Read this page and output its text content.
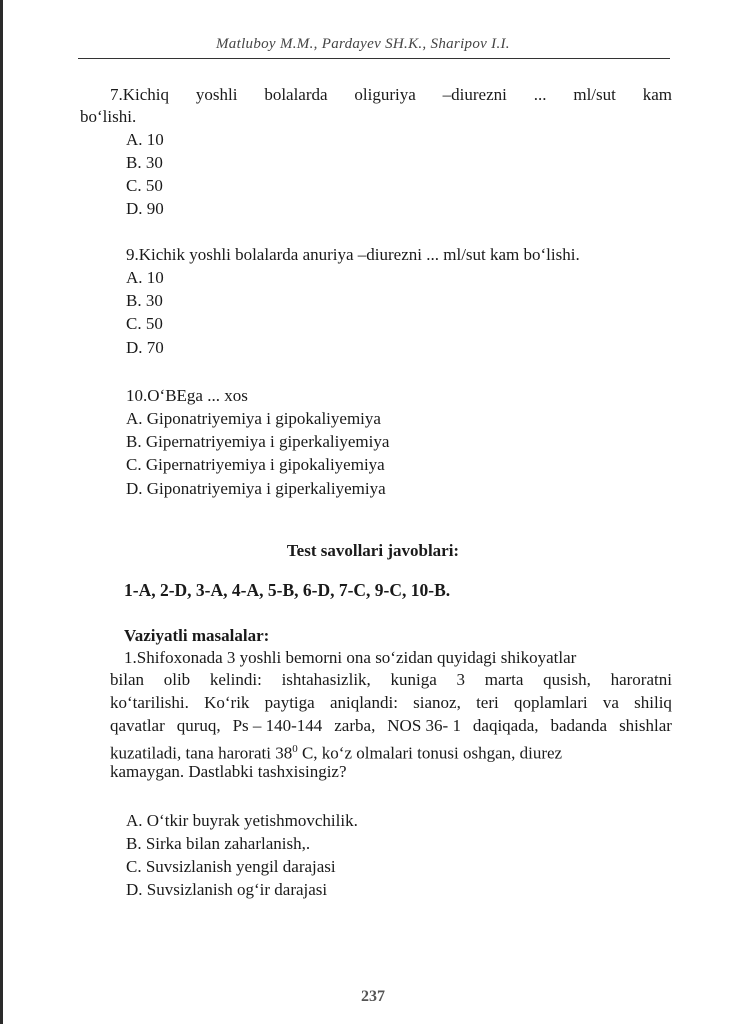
Matluboy M.M., Pardayev SH.K., Sharipov I.I.
7.Kichiq yoshli bolalarda oliguriya –diurezni ... ml/sut kam
bo‘lishi.
A. 10
B. 30
C. 50
D. 90
9.Kichik yoshli bolalarda anuriya –diurezni ... ml/sut kam bo‘lishi.
A. 10
B. 30
C. 50
D. 70
10.O‘BEga ... xos
A. Giponatriyemiya i gipokaliyemiya
B. Gipernatriyemiya i giperkaliyemiya
C. Gipernatriyemiya i gipokaliyemiya
D. Giponatriyemiya i giperkaliyemiya
Test savollari javoblari:
1-A, 2-D, 3-A, 4-A, 5-B, 6-D, 7-C, 9-C, 10-B.
Vaziyatli masalalar:
1.Shifoxonada 3 yoshli bemorni ona so‘zidan quyidagi shikoyatlar
bilan olib kelindi: ishtahasizlik, kuniga 3 marta qusish, haroratni
ko‘tarilishi. Ko‘rik paytiga aniqlandi: sianoz, teri qoplamlari va shiliq
qavatlar quruq, Ps – 140-144 zarba, NOS 36- 1 daqiqada, badanda shishlar
kuzatiladi, tana harorati $38^0$ C, ko‘z olmalari tonusi oshgan, diurez
kamaygan. Dastlabki tashxisingiz?
A. O‘tkir buyrak yetishmovchilik.
B. Sirka bilan zaharlanish,.
C. Suvsizlanish yengil darajasi
D. Suvsizlanish og‘ir darajasi
237
